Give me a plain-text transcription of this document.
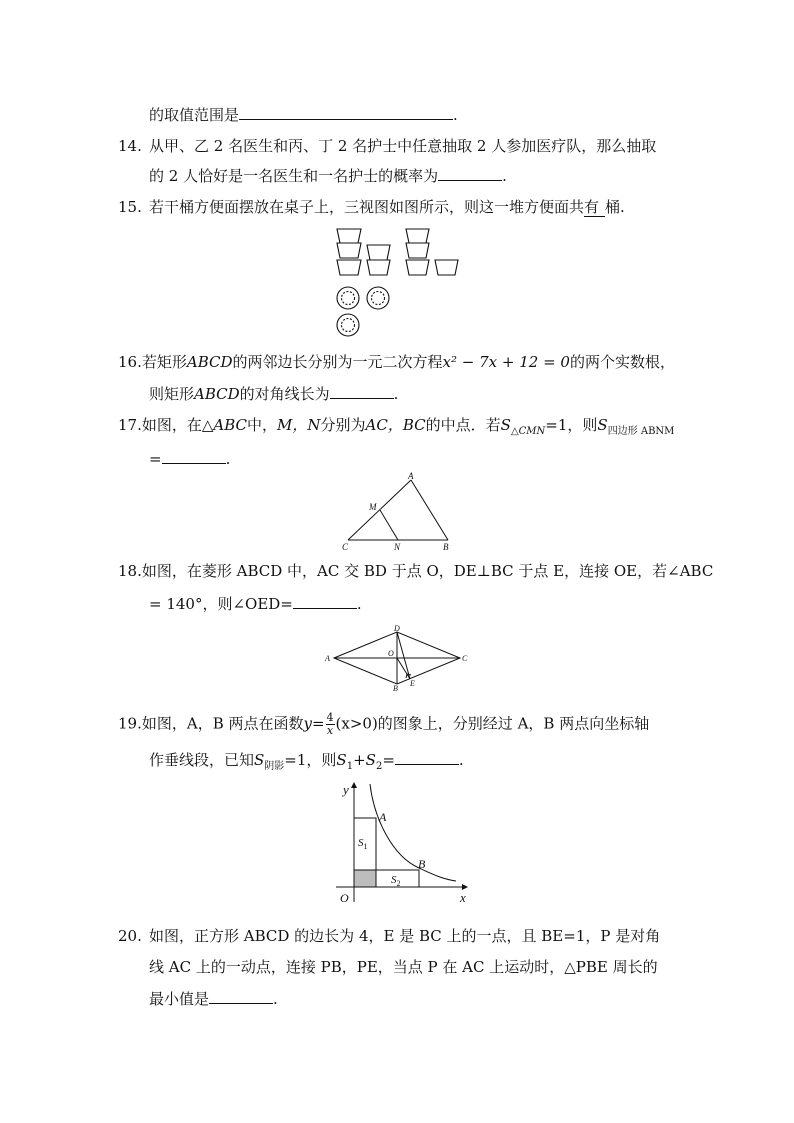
的取值范围是	.
14. 从甲、乙 2 名医生和丙、丁 2 名护士中任意抽取 2 人参加医疗队，那么抽取
的 2 人恰好是一名医生和一名护士的概率为	.
15. 若干桶方便面摆放在桌子上，三视图如图所示，则这一堆方便面共有 桶.
16.若矩形ABCD的两邻边长分别为一元二次方程x² − 7x + 12 = 0的两个实数根，
则矩形ABCD的对角线长为	.
17.如图，在△ABC中，M，N分别为AC，BC的中点．若$S_{\triangle CMN}=1$，则$S_{四边形 ABNM}$
=	.
A
M
C	N	B
18.如图，在菱形 ABCD 中，AC 交 BD 于点 O，DE⊥BC 于点 E，连接 OE，若∠ABC
= 140°，则∠OED=	.
A
D
C
B
O
E
19.如图，A，B 两点在函数$y= \frac{4}{x} (x>0)$的图象上，分别经过 A，B 两点向坐标轴
作垂线段，已知$S_{阴影}=1$，则$S_1+S_2=$	.
y
x
O
A
B
$S_1$
$S_2$
20. 如图，正方形 ABCD 的边长为 4，E 是 BC 上的一点，且 BE=1，P 是对角
线 AC 上的一动点，连接 PB，PE，当点 P 在 AC 上运动时，△PBE 周长的
最小值是	.
